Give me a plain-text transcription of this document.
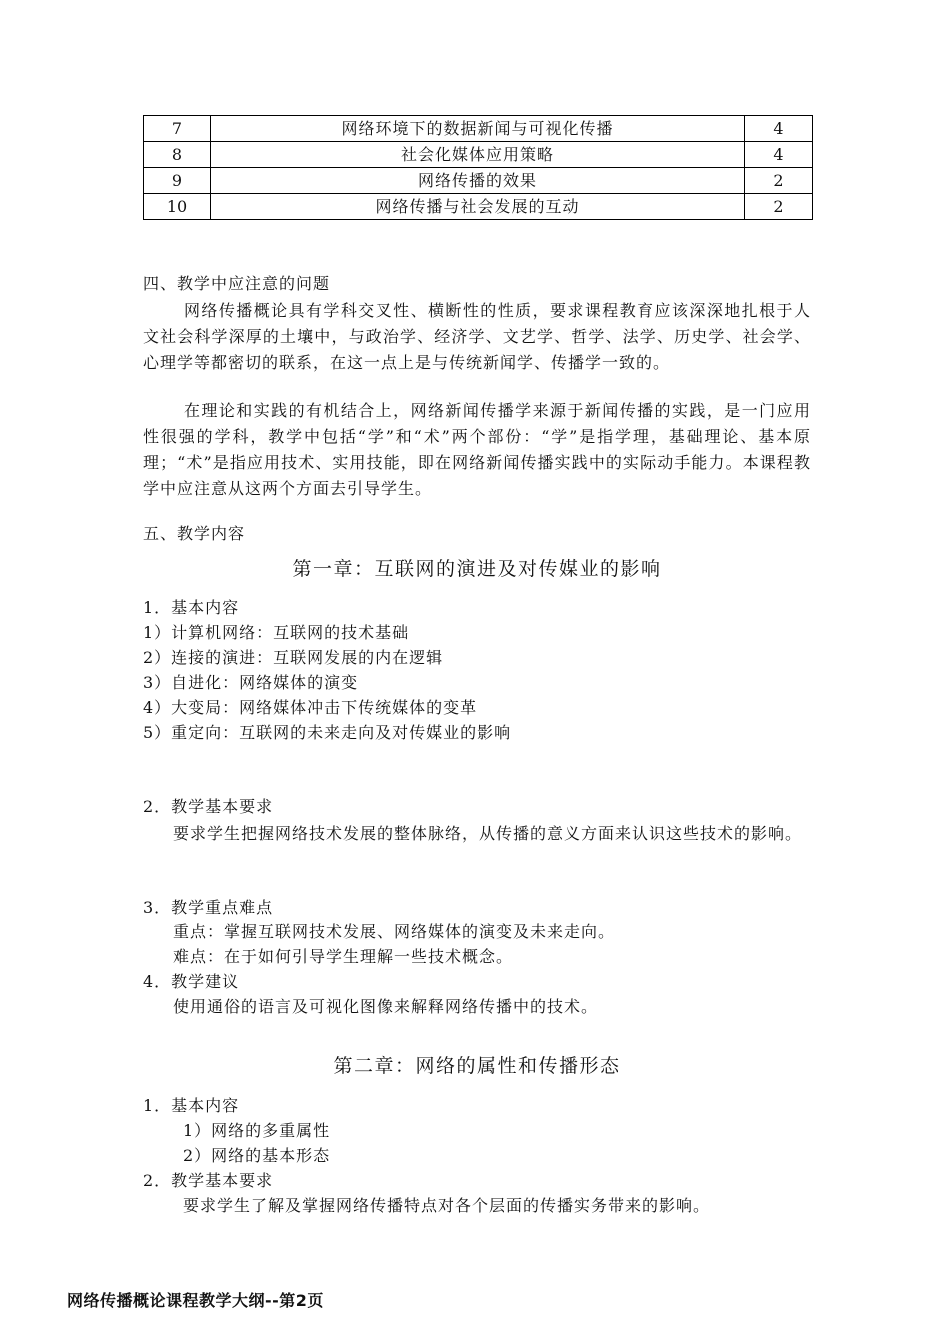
7	网络环境下的数据新闻与可视化传播	4
8	社会化媒体应用策略	4
9	网络传播的效果	2
10	网络传播与社会发展的互动	2
四、教学中应注意的问题
网络传播概论具有学科交叉性、横断性的性质，要求课程教育应该深深地扎根于人文社会科学深厚的土壤中，与政治学、经济学、文艺学、哲学、法学、历史学、社会学、心理学等都密切的联系，在这一点上是与传统新闻学、传播学一致的。
在理论和实践的有机结合上，网络新闻传播学来源于新闻传播的实践，是一门应用性很强的学科，教学中包括“学”和“术”两个部份：“学”是指学理，基础理论、基本原理；“术”是指应用技术、实用技能，即在网络新闻传播实践中的实际动手能力。本课程教学中应注意从这两个方面去引导学生。
五、教学内容
第一章：互联网的演进及对传媒业的影响
1．基本内容
1）计算机网络：互联网的技术基础
2）连接的演进：互联网发展的内在逻辑
3）自进化：网络媒体的演变
4）大变局：网络媒体冲击下传统媒体的变革
5）重定向：互联网的未来走向及对传媒业的影响
2．教学基本要求
要求学生把握网络技术发展的整体脉络，从传播的意义方面来认识这些技术的影响。
3．教学重点难点
重点：掌握互联网技术发展、网络媒体的演变及未来走向。
难点：在于如何引导学生理解一些技术概念。
4．教学建议
使用通俗的语言及可视化图像来解释网络传播中的技术。
第二章：网络的属性和传播形态
1．基本内容
1）网络的多重属性
2）网络的基本形态
2．教学基本要求
要求学生了解及掌握网络传播特点对各个层面的传播实务带来的影响。
网络传播概论课程教学大纲--第2页
